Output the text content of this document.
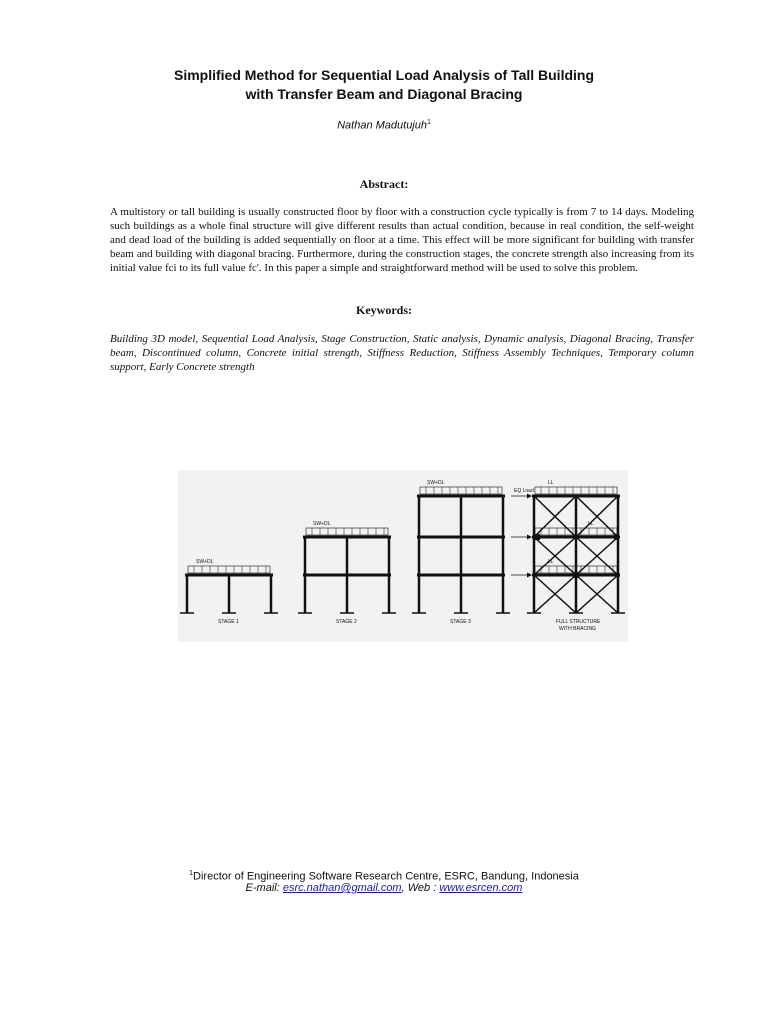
Simplified Method for Sequential Load Analysis of Tall Building
with Transfer Beam and Diagonal Bracing
Nathan Madutujuh$^1$
Abstract:

A multistory or tall building is usually constructed floor by floor with a construction cycle typically is from 7 to 14 days. Modeling such buildings as a whole final structure will give different results than actual condition, because in real condition, the self-weight and dead load of the building is added sequentially on floor at a time. This effect will be more significant for building with transfer beam and building with diagonal bracing. Furthermore, during the construction stages, the concrete strength also increasing from its initial value fci to its full value fc'. In this paper a simple and straightforward method will be used to solve this problem.

Keywords:

Building 3D model, Sequential Load Analysis, Stage Construction, Static analysis, Dynamic analysis, Diagonal Bracing, Transfer beam, Discontinued column, Concrete initial strength, Stiffness Reduction, Stiffness Assembly Techniques, Temporary column support, Early Concrete strength

SW+DL
STAGE 1
SW+DL
STAGE 2
SW+DL
STAGE 3
LL
EQ Load
LL
LL
FULL STRUCTURE
WITH BRACING
$^1$Director of Engineering Software Research Centre, ESRC, Bandung, Indonesia
E-mail: esrc.nathan@gmail.com, Web : www.esrcen.com
